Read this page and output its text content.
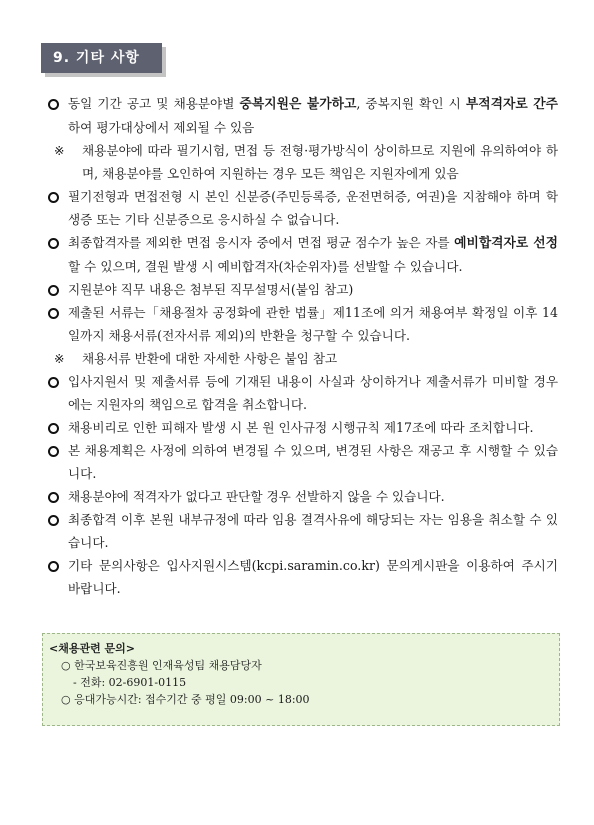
9. 기타 사항

동일 기간 공고 및 채용분야별 중복지원은 불가하고, 중복지원 확인 시 부적격자로 간주하여 평가대상에서 제외될 수 있음

※ 채용분야에 따라 필기시험, 면접 등 전형·평가방식이 상이하므로 지원에 유의하여야 하며, 채용분야를 오인하여 지원하는 경우 모든 책임은 지원자에게 있음

필기전형과 면접전형 시 본인 신분증(주민등록증, 운전면허증, 여권)을 지참해야 하며 학생증 또는 기타 신분증으로 응시하실 수 없습니다.

최종합격자를 제외한 면접 응시자 중에서 면접 평균 점수가 높은 자를 예비합격자로 선정할 수 있으며, 결원 발생 시 예비합격자(차순위자)를 선발할 수 있습니다.

지원분야 직무 내용은 첨부된 직무설명서(붙임 참고)

제출된 서류는「채용절차 공정화에 관한 법률」제11조에 의거 채용여부 확정일 이후 14일까지 채용서류(전자서류 제외)의 반환을 청구할 수 있습니다.

※ 채용서류 반환에 대한 자세한 사항은 붙임 참고

입사지원서 및 제출서류 등에 기재된 내용이 사실과 상이하거나 제출서류가 미비할 경우에는 지원자의 책임으로 합격을 취소합니다.

채용비리로 인한 피해자 발생 시 본 원 인사규정 시행규칙 제17조에 따라 조치합니다.

본 채용계획은 사정에 의하여 변경될 수 있으며, 변경된 사항은 재공고 후 시행할 수 있습니다.

채용분야에 적격자가 없다고 판단할 경우 선발하지 않을 수 있습니다.

최종합격 이후 본원 내부규정에 따라 임용 결격사유에 해당되는 자는 임용을 취소할 수 있습니다.

기타 문의사항은 입사지원시스템(kcpi.saramin.co.kr) 문의게시판을 이용하여 주시기 바랍니다.

<채용관련 문의>
○ 한국보육진흥원 인재육성팀 채용담당자
- 전화: 02-6901-0115
○ 응대가능시간: 접수기간 중 평일 09:00 ~ 18:00
